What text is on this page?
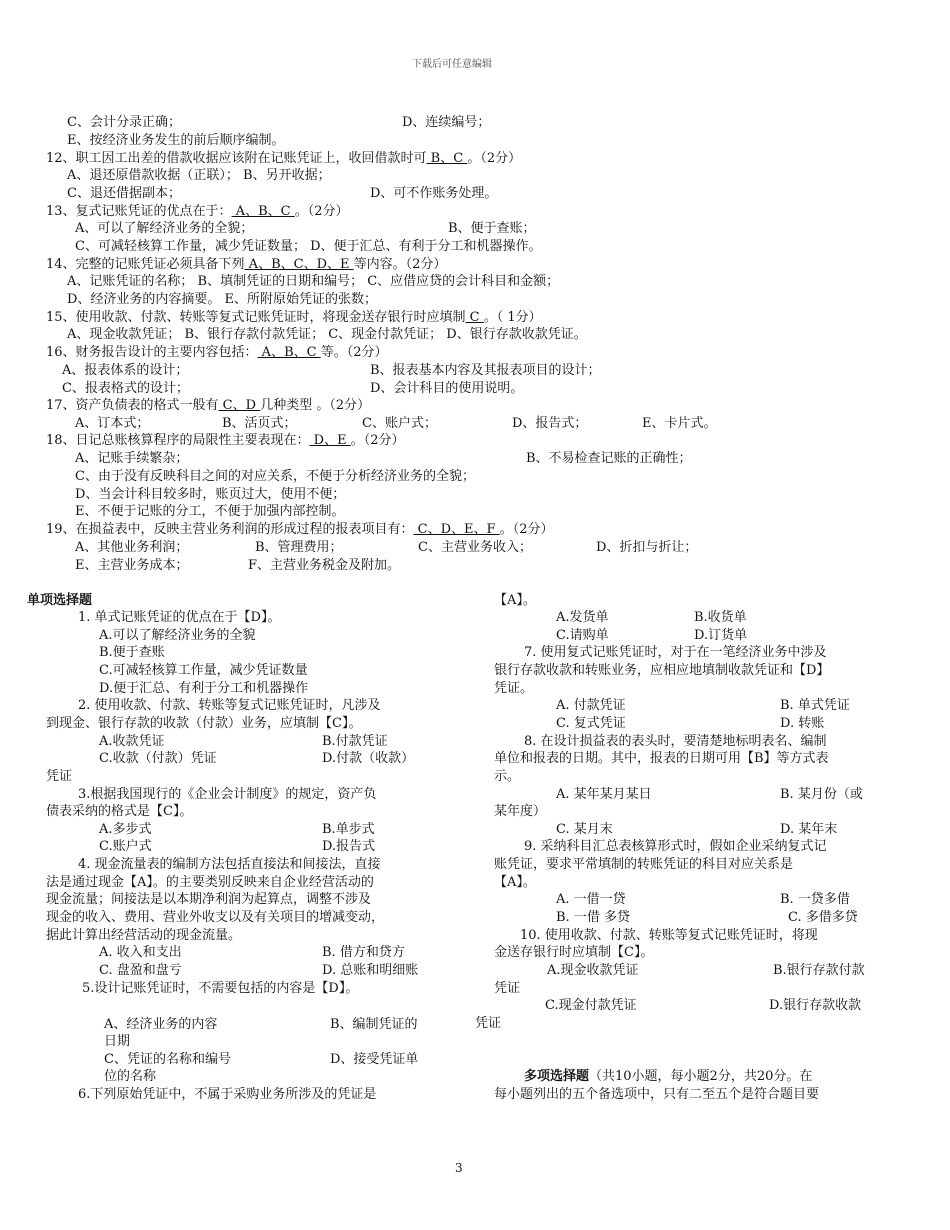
下载后可任意编辑
C、会计分录正确；	D、连续编号；
E、按经济业务发生的前后顺序编制。
12、职工因工出差的借款收据应该附在记账凭证上，收回借款时可 B、C 。（2分）
A、退还原借款收据（正联）； B、另开收据；
C、退还借据副本；	D、可不作账务处理。
13、复式记账凭证的优点在于： A、B、C 。（2分）
A、可以了解经济业务的全貌；	B、便于查账；
C、可减轻核算工作量，减少凭证数量； D、便于汇总、有利于分工和机器操作。
14、完整的记账凭证必须具备下列 A、B、C、D、E 等内容。（2分）
A、记账凭证的名称； B、填制凭证的日期和编号； C、应借应贷的会计科目和金额；
D、经济业务的内容摘要。 E、所附原始凭证的张数；
15、使用收款、付款、转账等复式记账凭证时，将现金送存银行时应填制 C 。（ 1分）
A、现金收款凭证； B、银行存款付款凭证； C、现金付款凭证； D、银行存款收款凭证。
16、财务报告设计的主要内容包括： A、B、C 等。（2分）
A、报表体系的设计；	B、报表基本内容及其报表项目的设计；
C、报表格式的设计；	D、会计科目的使用说明。
17、资产负债表的格式一般有 C、D 几种类型 。（2分）
A、订本式；	B、活页式；	C、账户式；	D、报告式；	E、卡片式。
18、日记总账核算程序的局限性主要表现在： D、E 。（2分）
A、记账手续繁杂；	B、不易检查记账的正确性；
C、由于没有反映科目之间的对应关系，不便于分析经济业务的全貌；
D、当会计科目较多时，账页过大，使用不便；
E、不便于记账的分工，不便于加强内部控制。
19、在损益表中，反映主营业务利润的形成过程的报表项目有： C、D、E、F 。（2分）
A、其他业务利润；	B、管理费用；	C、主营业务收入；	D、折扣与折让；
E、主营业务成本；	F、主营业务税金及附加。
单项选择题
1. 单式记账凭证的优点在于【D】。
A.可以了解经济业务的全貌
B.便于查账
C.可减轻核算工作量，减少凭证数量
D.便于汇总、有利于分工和机器操作
2. 使用收款、付款、转账等复式记账凭证时，凡涉及
到现金、银行存款的收款（付款）业务，应填制【C】。
A.收款凭证	B.付款凭证
C.收款（付款）凭证	D.付款（收款）
凭证
3.根据我国现行的《企业会计制度》的规定，资产负
债表采纳的格式是【C】。
A.多步式	B.单步式
C.账户式	D.报告式
4. 现金流量表的编制方法包括直接法和间接法，直接
法是通过现金【A】。的主要类别反映来自企业经营活动的
现金流量；间接法是以本期净利润为起算点，调整不涉及
现金的收入、费用、营业外收支以及有关项目的增减变动，
据此计算出经营活动的现金流量。
A. 收入和支出	B. 借方和贷方
C. 盘盈和盘亏	D. 总账和明细账
5.设计记账凭证时，不需要包括的内容是【D】。
A、经济业务的内容	B、编制凭证的
日期
C、凭证的名称和编号	D、接受凭证单
位的名称
6.下列原始凭证中，不属于采购业务所涉及的凭证是
【A】。
A.发货单	B.收货单
C.请购单	D.订货单
7. 使用复式记账凭证时，对于在一笔经济业务中涉及
银行存款收款和转账业务，应相应地填制收款凭证和【D】
凭证。
A. 付款凭证	B. 单式凭证
C. 复式凭证	D. 转账
8. 在设计损益表的表头时，要清楚地标明表名、编制
单位和报表的日期。其中，报表的日期可用【B】等方式表
示。
A. 某年某月某日	B. 某月份（或
某年度）
C. 某月末	D. 某年末
9. 采纳科目汇总表核算形式时，假如企业采纳复式记
账凭证，要求平常填制的转账凭证的科目对应关系是
【A】。
A. 一借一贷	B. 一贷多借
B. 一借 多贷	C. 多借多贷
10. 使用收款、付款、转账等复式记账凭证时，将现
金送存银行时应填制【C】。
A.现金收款凭证	B.银行存款付款
凭证
C.现金付款凭证	D.银行存款收款
凭证
多项选择题（共10小题，每小题2分，共20分。在
每小题列出的五个备选项中，只有二至五个是符合题目要
3
